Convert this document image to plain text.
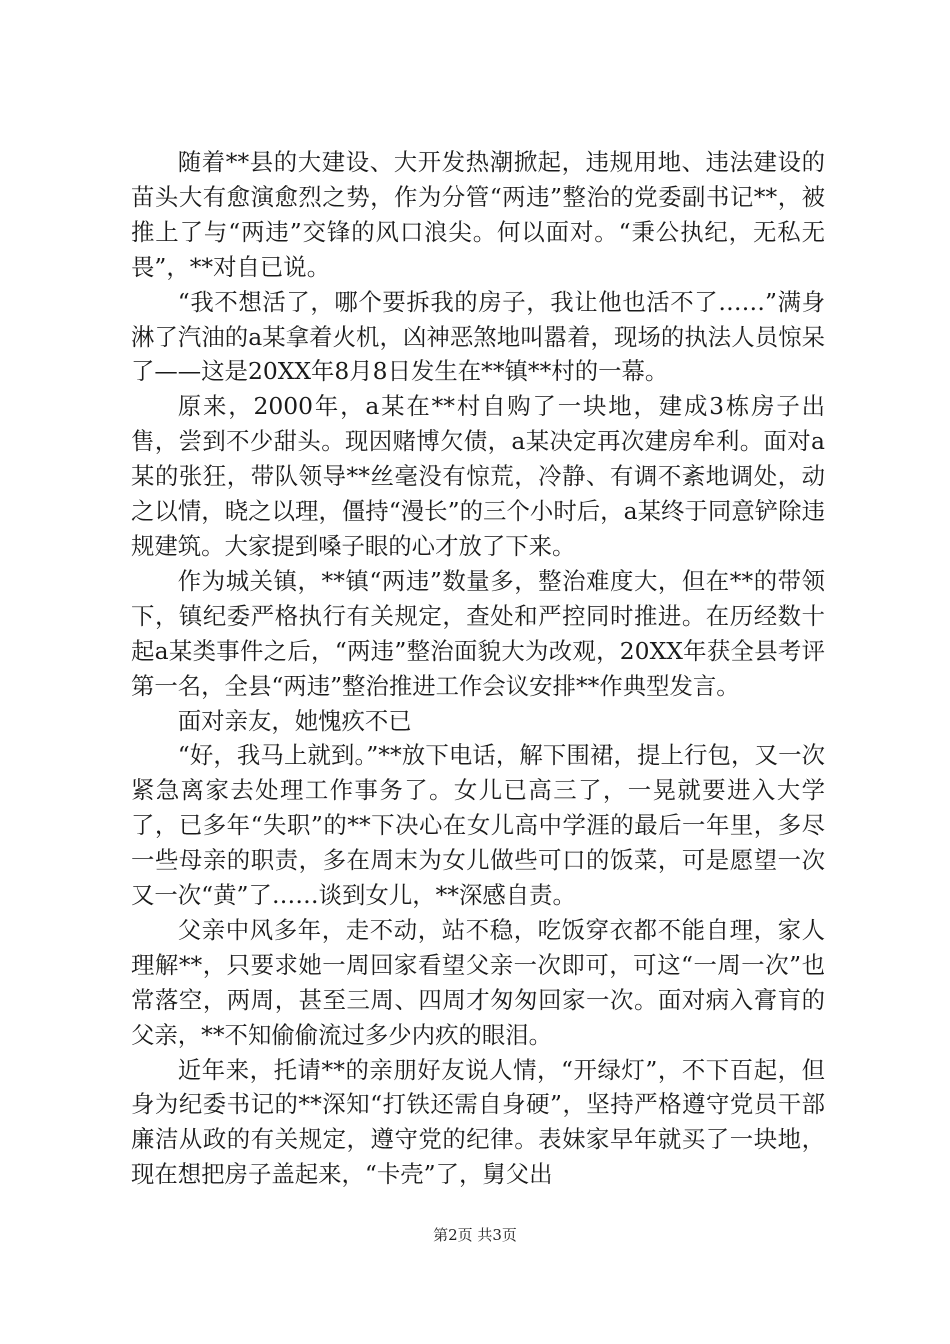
随着**县的大建设、大开发热潮掀起，违规用地、违法建设的苗头大有愈演愈烈之势，作为分管“两违”整治的党委副书记**，被推上了与“两违”交锋的风口浪尖。何以面对。“秉公执纪，无私无畏”，**对自已说。

“我不想活了，哪个要拆我的房子，我让他也活不了……”满身淋了汽油的a某拿着火机，凶神恶煞地叫嚣着，现场的执法人员惊呆了——这是20XX年8月8日发生在**镇**村的一幕。

原来，2000年，a某在**村自购了一块地，建成3栋房子出售，尝到不少甜头。现因赌博欠债，a某决定再次建房牟利。面对a某的张狂，带队领导**丝毫没有惊荒，冷静、有调不紊地调处，动之以情，晓之以理，僵持“漫长”的三个小时后，a某终于同意铲除违规建筑。大家提到嗓子眼的心才放了下来。

作为城关镇，**镇“两违”数量多，整治难度大，但在**的带领下，镇纪委严格执行有关规定，查处和严控同时推进。在历经数十起a某类事件之后，“两违”整治面貌大为改观，20XX年获全县考评第一名，全县“两违”整治推进工作会议安排**作典型发言。

面对亲友，她愧疚不已

“好，我马上就到。”**放下电话，解下围裙，提上行包，又一次紧急离家去处理工作事务了。女儿已高三了，一晃就要进入大学了，已多年“失职”的**下决心在女儿高中学涯的最后一年里，多尽一些母亲的职责，多在周末为女儿做些可口的饭菜，可是愿望一次又一次“黄”了……谈到女儿，**深感自责。

父亲中风多年，走不动，站不稳，吃饭穿衣都不能自理，家人理解**，只要求她一周回家看望父亲一次即可，可这“一周一次”也常落空，两周，甚至三周、四周才匆匆回家一次。面对病入膏肓的父亲，**不知偷偷流过多少内疚的眼泪。

近年来，托请**的亲朋好友说人情，“开绿灯”，不下百起，但身为纪委书记的**深知“打铁还需自身硬”，坚持严格遵守党员干部廉洁从政的有关规定，遵守党的纪律。表妹家早年就买了一块地，现在想把房子盖起来，“卡壳”了，舅父出

第2页 共3页
